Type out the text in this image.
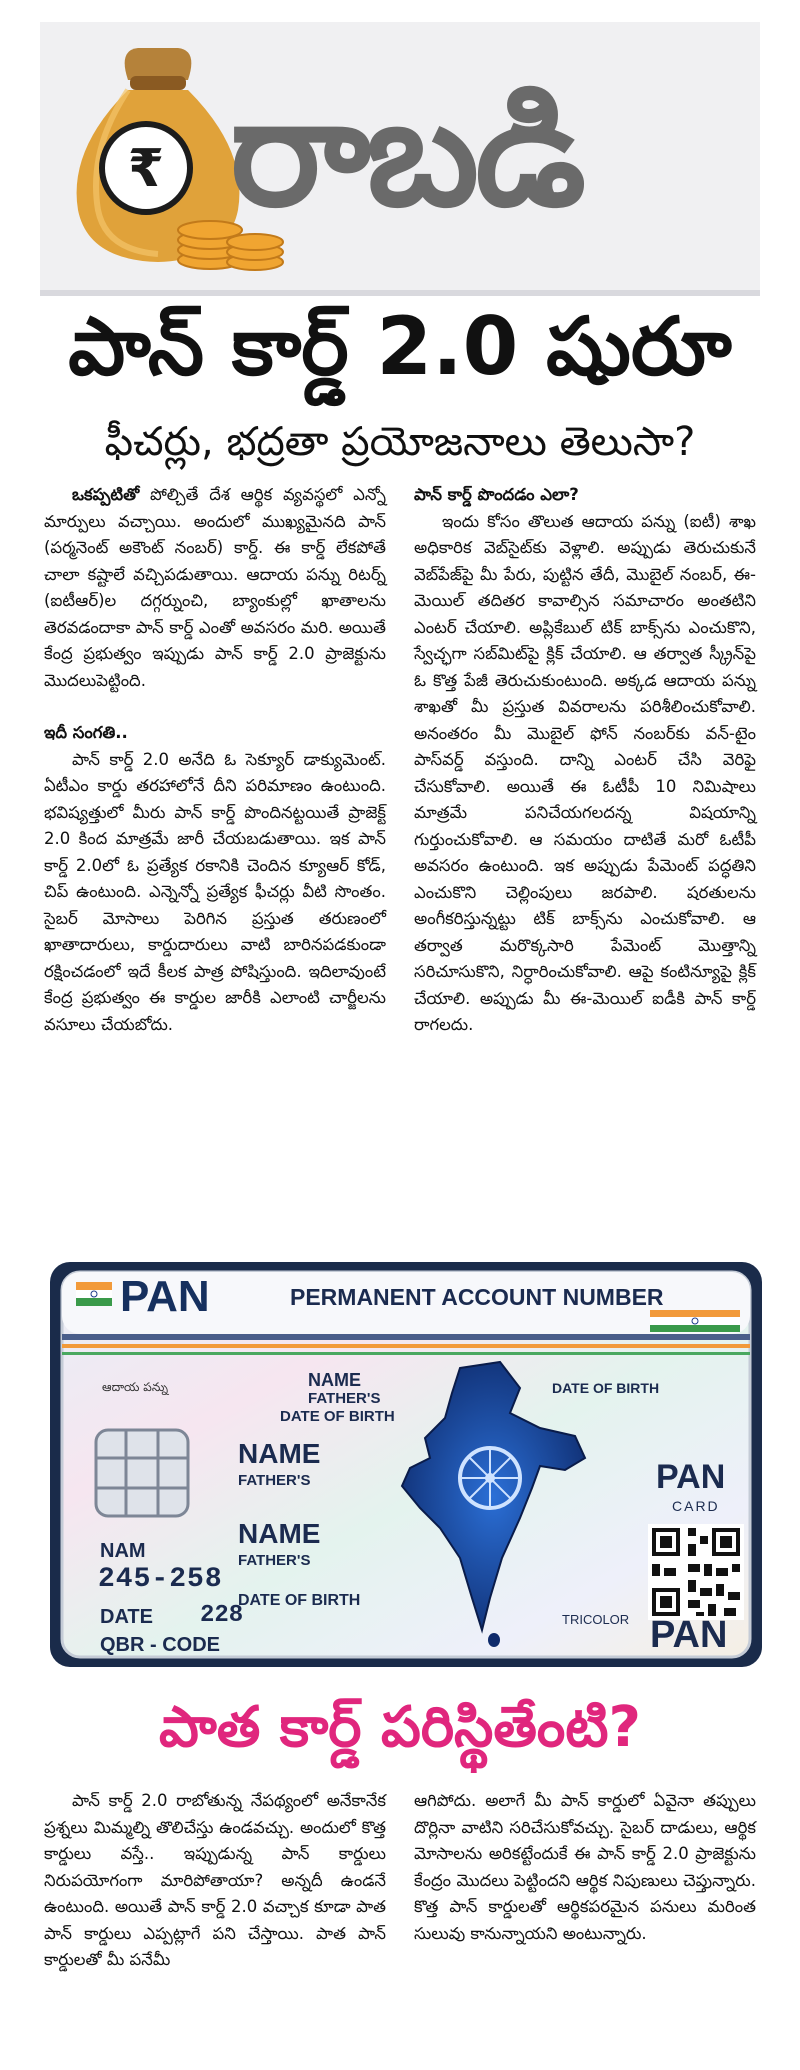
₹ రాబడి
పాన్ కార్డ్ 2.0 షురూ
ఫీచర్లు, భద్రతా ప్రయోజనాలు తెలుసా?

ఒకప్పటితో పోల్చితే దేశ ఆర్థిక వ్యవస్థలో ఎన్నో మార్పులు వచ్చాయి. అందులో ముఖ్యమైనది పాన్ (పర్మనెంట్ అకౌంట్ నంబర్) కార్డ్. ఈ కార్డ్ లేకపోతే చాలా కష్టాలే వచ్చిపడుతాయి. ఆదాయ పన్ను రిటర్న్ (ఐటీఆర్)ల దగ్గర్నుంచి, బ్యాంకుల్లో ఖాతాలను తెరవడందాకా పాన్ కార్డ్ ఎంతో అవసరం మరి. అయితే కేంద్ర ప్రభుత్వం ఇప్పుడు పాన్ కార్డ్ 2.0 ప్రాజెక్టును మొదలుపెట్టింది.

ఇదీ సంగతి..

పాన్ కార్డ్ 2.0 అనేది ఓ సెక్యూర్ డాక్యుమెంట్. ఏటీఎం కార్డు తరహాలోనే దీని పరిమాణం ఉంటుంది. భవిష్యత్తులో మీరు పాన్ కార్డ్ పొందినట్టయితే ప్రాజెక్ట్ 2.0 కింద మాత్రమే జారీ చేయబడుతాయి. ఇక పాన్ కార్డ్ 2.0లో ఓ ప్రత్యేక రకానికి చెందిన క్యూఆర్ కోడ్, చిప్ ఉంటుంది. ఎన్నెన్నో ప్రత్యేక ఫీచర్లు వీటి సొంతం. సైబర్ మోసాలు పెరిగిన ప్రస్తుత తరుణంలో ఖాతాదారులు, కార్డుదారులు వాటి బారినపడకుండా రక్షించడంలో ఇదే కీలక పాత్ర పోషిస్తుంది. ఇదిలావుంటే కేంద్ర ప్రభుత్వం ఈ కార్డుల జారీకి ఎలాంటి చార్జీలను వసూలు చేయబోదు.

పాన్ కార్డ్ పొందడం ఎలా?

ఇందు కోసం తొలుత ఆదాయ పన్ను (ఐటీ) శాఖ అధికారిక వెబ్‌సైట్‌కు వెళ్లాలి. అప్పుడు తెరుచుకునే వెబ్‌పేజ్‌పై మీ పేరు, పుట్టిన తేదీ, మొబైల్ నంబర్, ఈ-మెయిల్ తదితర కావాల్సిన సమాచారం అంతటిని ఎంటర్ చేయాలి. అప్లికేబుల్ టిక్ బాక్స్‌ను ఎంచుకొని, స్వేచ్ఛగా సబ్‌మిట్‌పై క్లిక్ చేయాలి. ఆ తర్వాత స్క్రీన్‌పై ఓ కొత్త పేజీ తెరుచుకుంటుంది. అక్కడ ఆదాయ పన్ను శాఖతో మీ ప్రస్తుత వివరాలను పరిశీలించుకోవాలి. అనంతరం మీ మొబైల్ ఫోన్ నంబర్‌కు వన్-టైం పాస్‌వర్డ్ వస్తుంది. దాన్ని ఎంటర్ చేసి వెరిఫై చేసుకోవాలి. అయితే ఈ ఓటీపీ 10 నిమిషాలు మాత్రమే పనిచేయగలదన్న విషయాన్ని గుర్తుంచుకోవాలి. ఆ సమయం దాటితే మరో ఓటీపీ అవసరం ఉంటుంది. ఇక అప్పుడు పేమెంట్ పద్ధతిని ఎంచుకొని చెల్లింపులు జరపాలి. షరతులను అంగీకరిస్తున్నట్టు టిక్ బాక్స్‌ను ఎంచుకోవాలి. ఆ తర్వాత మరొక్కసారి పేమెంట్ మొత్తాన్ని సరిచూసుకొని, నిర్ధారించుకోవాలి. ఆపై కంటిన్యూపై క్లిక్ చేయాలి. అప్పుడు మీ ఈ-మెయిల్ ఐడీకి పాన్ కార్డ్ రాగలదు.

PAN	PERMANENT ACCOUNT NUMBER
ఆదాయ పన్ను
NAM
245-258
DATE 228
QBR - CODE
NAME
FATHER'S
DATE OF BIRTH
NAME
FATHER'S
NAME
FATHER'S
DATE OF BIRTH
DATE OF BIRTH
PAN
CARD
TRICOLOR PAN
పాత కార్డ్ పరిస్థితేంటి?

పాన్ కార్డ్ 2.0 రాబోతున్న నేపథ్యంలో అనేకానేక ప్రశ్నలు మిమ్మల్ని తొలిచేస్తు ఉండవచ్చు. అందులో కొత్త కార్డులు వస్తే.. ఇప్పుడున్న పాన్ కార్డులు నిరుపయోగంగా మారిపోతాయా? అన్నదీ ఉండనే ఉంటుంది. అయితే పాన్ కార్డ్ 2.0 వచ్చాక కూడా పాత పాన్ కార్డులు ఎప్పట్లాగే పని చేస్తాయి. పాత పాన్ కార్డులతో మీ పనేమీ

ఆగిపోదు. అలాగే మీ పాన్ కార్డులో ఏవైనా తప్పులు దొర్లినా వాటిని సరిచేసుకోవచ్చు. సైబర్ దాడులు, ఆర్థిక మోసాలను అరికట్టేందుకే ఈ పాన్ కార్డ్ 2.0 ప్రాజెక్టును కేంద్రం మొదలు పెట్టిందని ఆర్థిక నిపుణులు చెప్తున్నారు. కొత్త పాన్ కార్డులతో ఆర్థికపరమైన పనులు మరింత సులువు కానున్నాయని అంటున్నారు.
